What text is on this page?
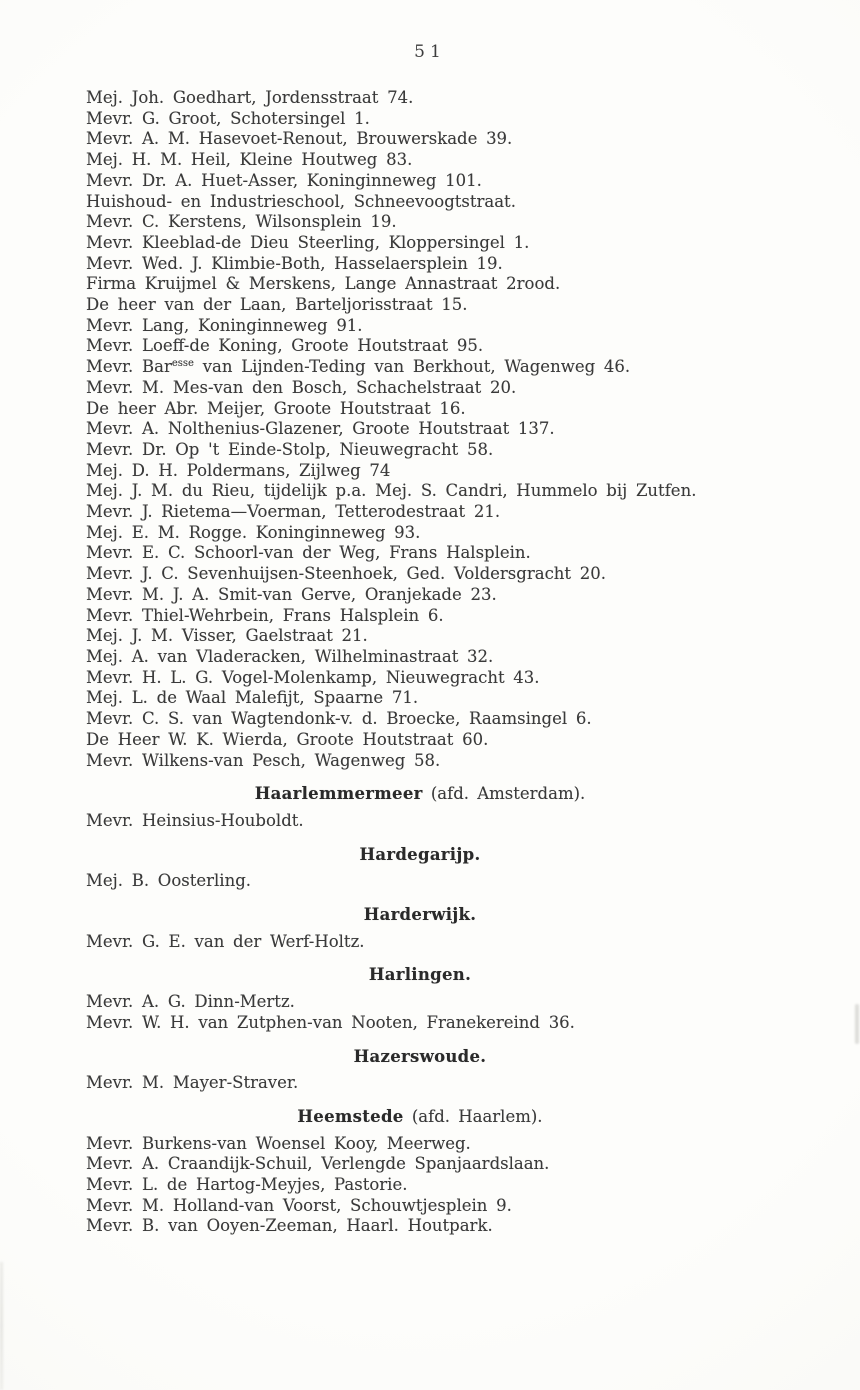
51
Mej. Joh. Goedhart, Jordensstraat 74.
Mevr. G. Groot, Schotersingel 1.
Mevr. A. M. Hasevoet-Renout, Brouwerskade 39.
Mej. H. M. Heil, Kleine Houtweg 83.
Mevr. Dr. A. Huet-Asser, Koninginneweg 101.
Huishoud- en Industrieschool, Schneevoogtstraat.
Mevr. C. Kerstens, Wilsonsplein 19.
Mevr. Kleeblad-de Dieu Steerling, Kloppersingel 1.
Mevr. Wed. J. Klimbie-Both, Hasselaersplein 19.
Firma Kruijmel & Merskens, Lange Annastraat 2rood.
De heer van der Laan, Barteljorisstraat 15.
Mevr. Lang, Koninginneweg 91.
Mevr. Loeff-de Koning, Groote Houtstraat 95.
Mevr. Bar$^{esse}$ van Lijnden-Teding van Berkhout, Wagenweg 46.
Mevr. M. Mes-van den Bosch, Schachelstraat 20.
De heer Abr. Meijer, Groote Houtstraat 16.
Mevr. A. Nolthenius-Glazener, Groote Houtstraat 137.
Mevr. Dr. Op 't Einde-Stolp, Nieuwegracht 58.
Mej. D. H. Poldermans, Zijlweg 74
Mej. J. M. du Rieu, tijdelijk p.a. Mej. S. Candri, Hummelo bij Zutfen.
Mevr. J. Rietema—Voerman, Tetterodestraat 21.
Mej. E. M. Rogge. Koninginneweg 93.
Mevr. E. C. Schoorl-van der Weg, Frans Halsplein.
Mevr. J. C. Sevenhuijsen-Steenhoek, Ged. Voldersgracht 20.
Mevr. M. J. A. Smit-van Gerve, Oranjekade 23.
Mevr. Thiel-Wehrbein, Frans Halsplein 6.
Mej. J. M. Visser, Gaelstraat 21.
Mej. A. van Vladeracken, Wilhelminastraat 32.
Mevr. H. L. G. Vogel-Molenkamp, Nieuwegracht 43.
Mej. L. de Waal Malefijt, Spaarne 71.
Mevr. C. S. van Wagtendonk-v. d. Broecke, Raamsingel 6.
De Heer W. K. Wierda, Groote Houtstraat 60.
Mevr. Wilkens-van Pesch, Wagenweg 58.
Haarlemmermeer (afd. Amsterdam).
Mevr. Heinsius-Houboldt.
Hardegarijp.
Mej. B. Oosterling.
Harderwijk.
Mevr. G. E. van der Werf-Holtz.
Harlingen.
Mevr. A. G. Dinn-Mertz.
Mevr. W. H. van Zutphen-van Nooten, Franekereind 36.
Hazerswoude.
Mevr. M. Mayer-Straver.
Heemstede (afd. Haarlem).
Mevr. Burkens-van Woensel Kooy, Meerweg.
Mevr. A. Craandijk-Schuil, Verlengde Spanjaardslaan.
Mevr. L. de Hartog-Meyjes, Pastorie.
Mevr. M. Holland-van Voorst, Schouwtjesplein 9.
Mevr. B. van Ooyen-Zeeman, Haarl. Houtpark.
